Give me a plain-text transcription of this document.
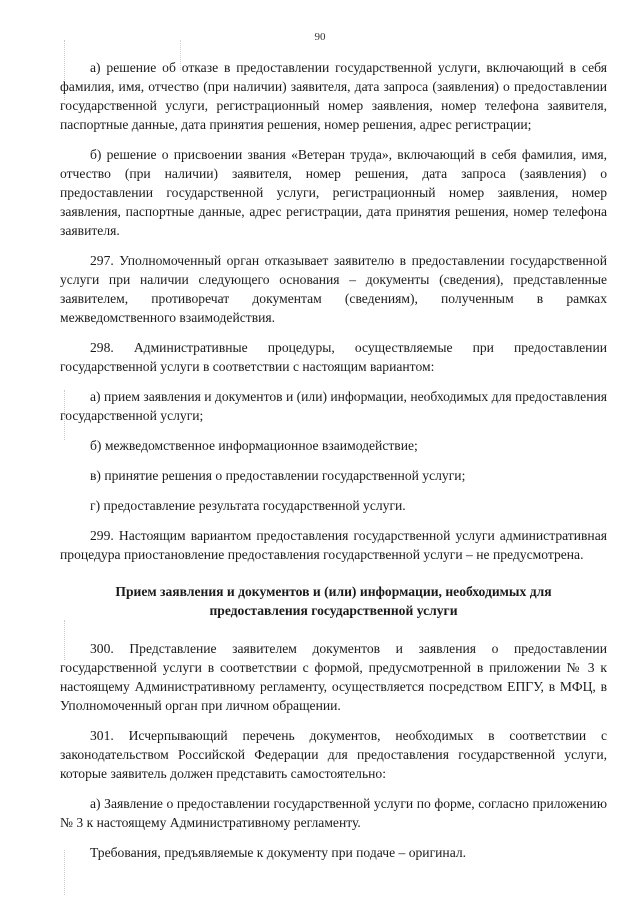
90

а) решение об отказе в предоставлении государственной услуги, включающий в себя фамилия, имя, отчество (при наличии) заявителя, дата запроса (заявления) о предоставлении государственной услуги, регистрационный номер заявления, номер телефона заявителя, паспортные данные, дата принятия решения, номер решения, адрес регистрации;

б) решение о присвоении звания «Ветеран труда», включающий в себя фамилия, имя, отчество (при наличии) заявителя, номер решения, дата запроса (заявления) о предоставлении государственной услуги, регистрационный номер заявления, номер заявления, паспортные данные, адрес регистрации, дата принятия решения, номер телефона заявителя.

297. Уполномоченный орган отказывает заявителю в предоставлении государственной услуги при наличии следующего основания – документы (сведения), представленные заявителем, противоречат документам (сведениям), полученным в рамках межведомственного взаимодействия.

298. Административные процедуры, осуществляемые при предоставлении государственной услуги в соответствии с настоящим вариантом:

а) прием заявления и документов и (или) информации, необходимых для предоставления государственной услуги;

б) межведомственное информационное взаимодействие;

в) принятие решения о предоставлении государственной услуги;

г) предоставление результата государственной услуги.

299. Настоящим вариантом предоставления государственной услуги административная процедура приостановление предоставления государственной услуги – не предусмотрена.

Прием заявления и документов и (или) информации, необходимых для предоставления государственной услуги

300. Представление заявителем документов и заявления о предоставлении государственной услуги в соответствии с формой, предусмотренной в приложении № 3 к настоящему Административному регламенту, осуществляется посредством ЕПГУ, в МФЦ, в Уполномоченный орган при личном обращении.

301. Исчерпывающий перечень документов, необходимых в соответствии с законодательством Российской Федерации для предоставления государственной услуги, которые заявитель должен представить самостоятельно:

а) Заявление о предоставлении государственной услуги по форме, согласно приложению № 3 к настоящему Административному регламенту.

Требования, предъявляемые к документу при подаче – оригинал.
